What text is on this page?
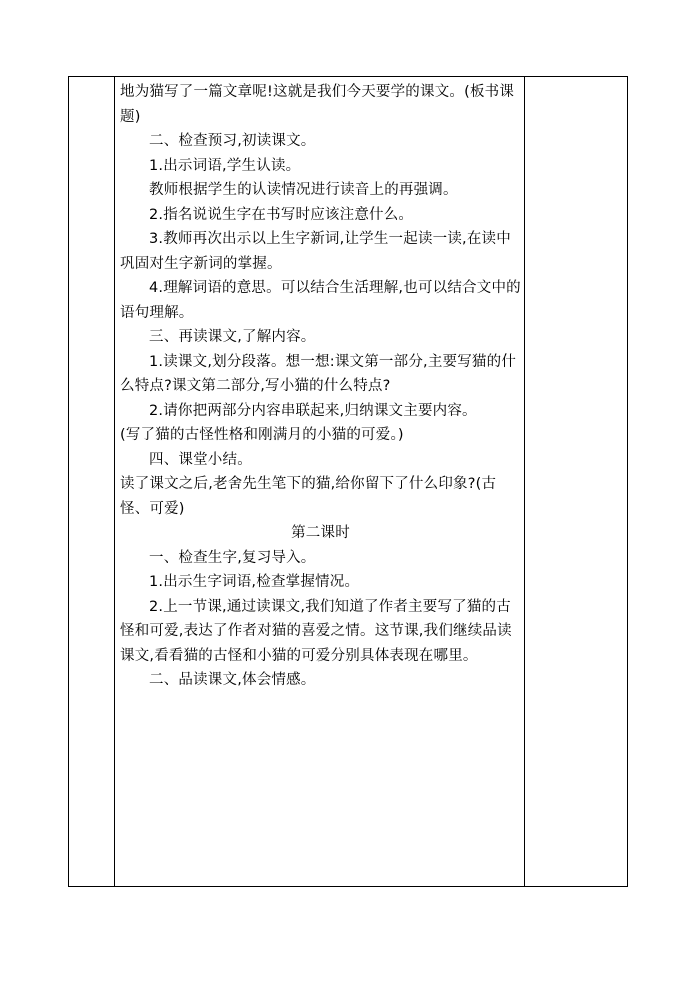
地为猫写了一篇文章呢!这就是我们今天要学的课文。(板书课题)

二、检查预习,初读课文。

1.出示词语,学生认读。

教师根据学生的认读情况进行读音上的再强调。

2.指名说说生字在书写时应该注意什么。

3.教师再次出示以上生字新词,让学生一起读一读,在读中巩固对生字新词的掌握。

4.理解词语的意思。可以结合生活理解,也可以结合文中的语句理解。

三、再读课文,了解内容。

1.读课文,划分段落。想一想:课文第一部分,主要写猫的什么特点?课文第二部分,写小猫的什么特点?

2.请你把两部分内容串联起来,归纳课文主要内容。

(写了猫的古怪性格和刚满月的小猫的可爱。)

四、课堂小结。

读了课文之后,老舍先生笔下的猫,给你留下了什么印象?(古怪、可爱)

第二课时

一、检查生字,复习导入。

1.出示生字词语,检查掌握情况。

2.上一节课,通过读课文,我们知道了作者主要写了猫的古怪和可爱,表达了作者对猫的喜爱之情。这节课,我们继续品读课文,看看猫的古怪和小猫的可爱分别具体表现在哪里。

二、品读课文,体会情感。
